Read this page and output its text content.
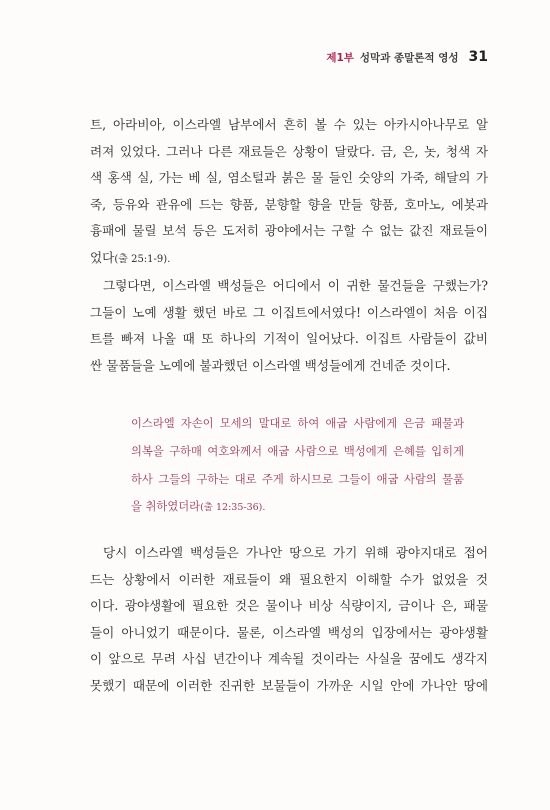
제1부 성막과 종말론적 영성 31
트, 아라비아, 이스라엘 남부에서 흔히 볼 수 있는 아카시아나무로 알
려져 있었다. 그러나 다른 재료들은 상황이 달랐다. 금, 은, 놋, 청색 자
색 홍색 실, 가는 베 실, 염소털과 붉은 물 들인 숫양의 가죽, 해달의 가
죽, 등유와 관유에 드는 향품, 분향할 향을 만들 향품, 호마노, 에봇과
흉패에 물릴 보석 등은 도저히 광야에서는 구할 수 없는 값진 재료들이
었다(출 25:1-9).
그렇다면, 이스라엘 백성들은 어디에서 이 귀한 물건들을 구했는가?
그들이 노예 생활 했던 바로 그 이집트에서였다! 이스라엘이 처음 이집
트를 빠져 나올 때 또 하나의 기적이 일어났다. 이집트 사람들이 값비
싼 물품들을 노예에 불과했던 이스라엘 백성들에게 건네준 것이다.
이스라엘 자손이 모세의 말대로 하여 애굽 사람에게 은금 패물과
의복을 구하매 여호와께서 애굽 사람으로 백성에게 은혜를 입히게
하사 그들의 구하는 대로 주게 하시므로 그들이 애굽 사람의 물품
을 취하였더라(출 12:35-36).
당시 이스라엘 백성들은 가나안 땅으로 가기 위해 광야지대로 접어
드는 상황에서 이러한 재료들이 왜 필요한지 이해할 수가 없었을 것
이다. 광야생활에 필요한 것은 물이나 비상 식량이지, 금이나 은, 패물
들이 아니었기 때문이다. 물론, 이스라엘 백성의 입장에서는 광야생활
이 앞으로 무려 사십 년간이나 계속될 것이라는 사실을 꿈에도 생각지
못했기 때문에 이러한 진귀한 보물들이 가까운 시일 안에 가나안 땅에
